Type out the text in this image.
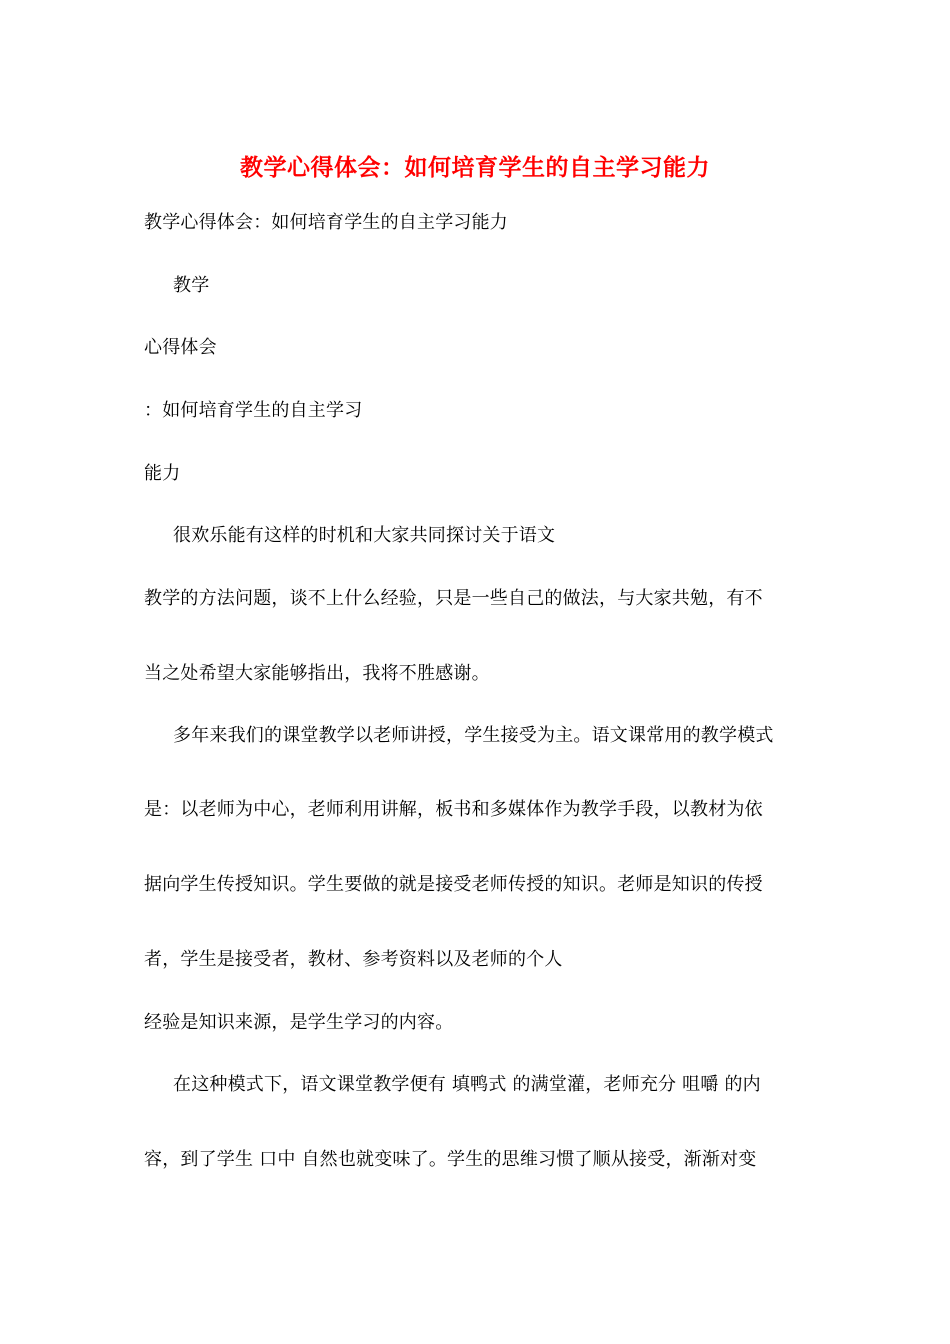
教学心得体会：如何培育学生的自主学习能力
教学心得体会：如何培育学生的自主学习能力
教学
心得体会
：如何培育学生的自主学习
能力
很欢乐能有这样的时机和大家共同探讨关于语文
教学的方法问题，谈不上什么经验，只是一些自己的做法，与大家共勉，有不
当之处希望大家能够指出，我将不胜感谢。
多年来我们的课堂教学以老师讲授，学生接受为主。语文课常用的教学模式
是：以老师为中心，老师利用讲解，板书和多媒体作为教学手段，以教材为依
据向学生传授知识。学生要做的就是接受老师传授的知识。老师是知识的传授
者，学生是接受者，教材、参考资料以及老师的个人
经验是知识来源，是学生学习的内容。
在这种模式下，语文课堂教学便有 填鸭式 的满堂灌，老师充分 咀嚼 的内
容，到了学生 口中 自然也就变味了。学生的思维习惯了顺从接受，渐渐对变
